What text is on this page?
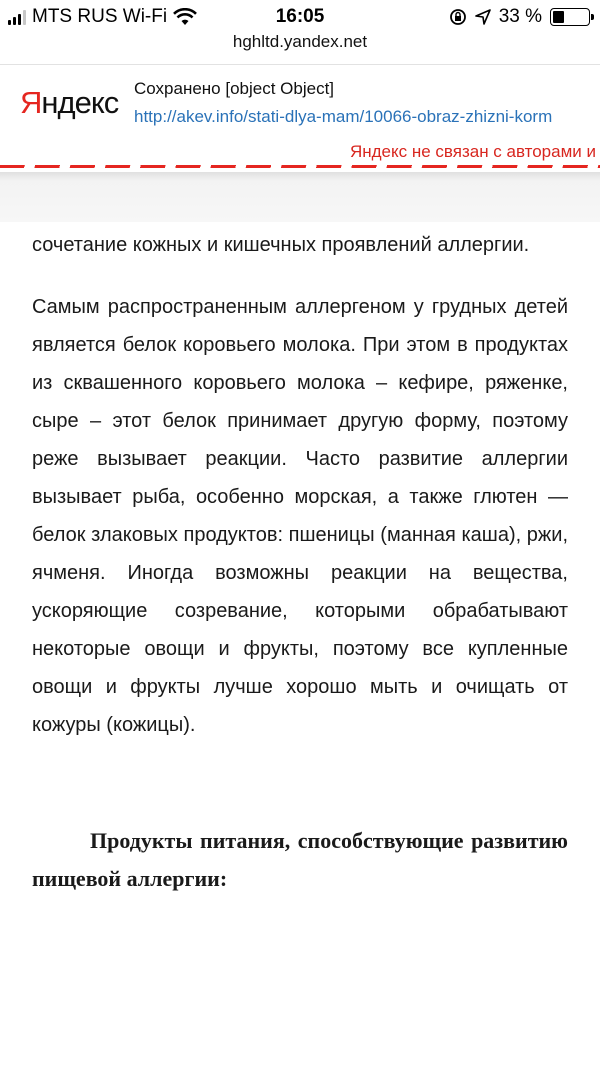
MTS RUS Wi-Fi	16:05	33 %
hghltd.yandex.net
Яндекс Сохранено [object Object]
http://akev.info/stati-dlya-mam/10066-obraz-zhizni-korm
Яндекс не связан с авторами и

сочетание кожных и кишечных проявлений аллергии.

Самым распространенным аллергеном у грудных детей является белок коровьего молока. При этом в продуктах из сквашенного коровьего молока – кефире, ряженке, сыре – этот белок принимает другую форму, поэтому реже вызывает реакции. Часто развитие аллергии вызывает рыба, особенно морская, а также глютен — белок злаковых продуктов: пшеницы (манная каша), ржи, ячменя. Иногда возможны реакции на вещества, ускоряющие созревание, которыми обрабатывают некоторые овощи и фрукты, поэтому все купленные овощи и фрукты лучше хорошо мыть и очищать от кожуры (кожицы).

Продукты питания, способствующие развитию пищевой аллергии:
